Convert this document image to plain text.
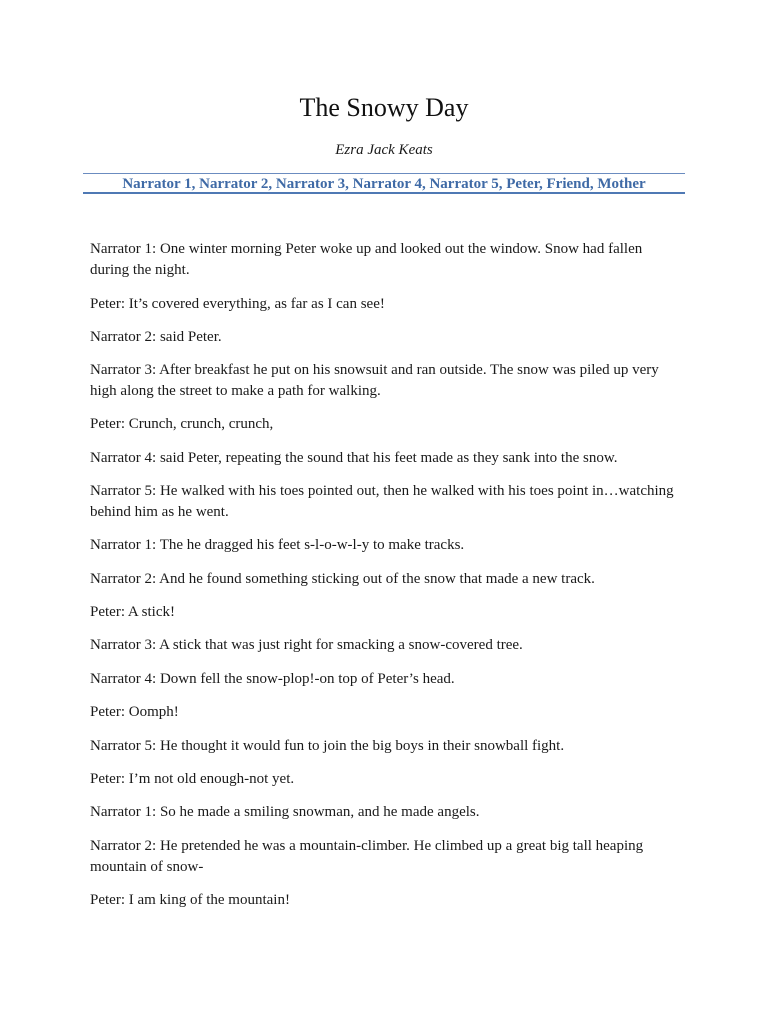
The Snowy Day
Ezra Jack Keats
Narrator 1, Narrator 2, Narrator 3, Narrator 4, Narrator 5, Peter, Friend, Mother
Narrator 1: One winter morning Peter woke up and looked out the window. Snow had fallen during the night.
Peter: It’s covered everything, as far as I can see!
Narrator 2: said Peter.
Narrator 3: After breakfast he put on his snowsuit and ran outside. The snow was piled up very high along the street to make a path for walking.
Peter: Crunch, crunch, crunch,
Narrator 4: said Peter, repeating the sound that his feet made as they sank into the snow.
Narrator 5: He walked with his toes pointed out, then he walked with his toes point in…watching behind him as he went.
Narrator 1: The he dragged his feet s-l-o-w-l-y to make tracks.
Narrator 2: And he found something sticking out of the snow that made a new track.
Peter: A stick!
Narrator 3: A stick that was just right for smacking a snow-covered tree.
Narrator 4: Down fell the snow-plop!-on top of Peter’s head.
Peter: Oomph!
Narrator 5: He thought it would fun to join the big boys in their snowball fight.
Peter: I’m not old enough-not yet.
Narrator 1: So he made a smiling snowman, and he made angels.
Narrator 2: He pretended he was a mountain-climber. He climbed up a great big tall heaping mountain of snow-
Peter: I am king of the mountain!
